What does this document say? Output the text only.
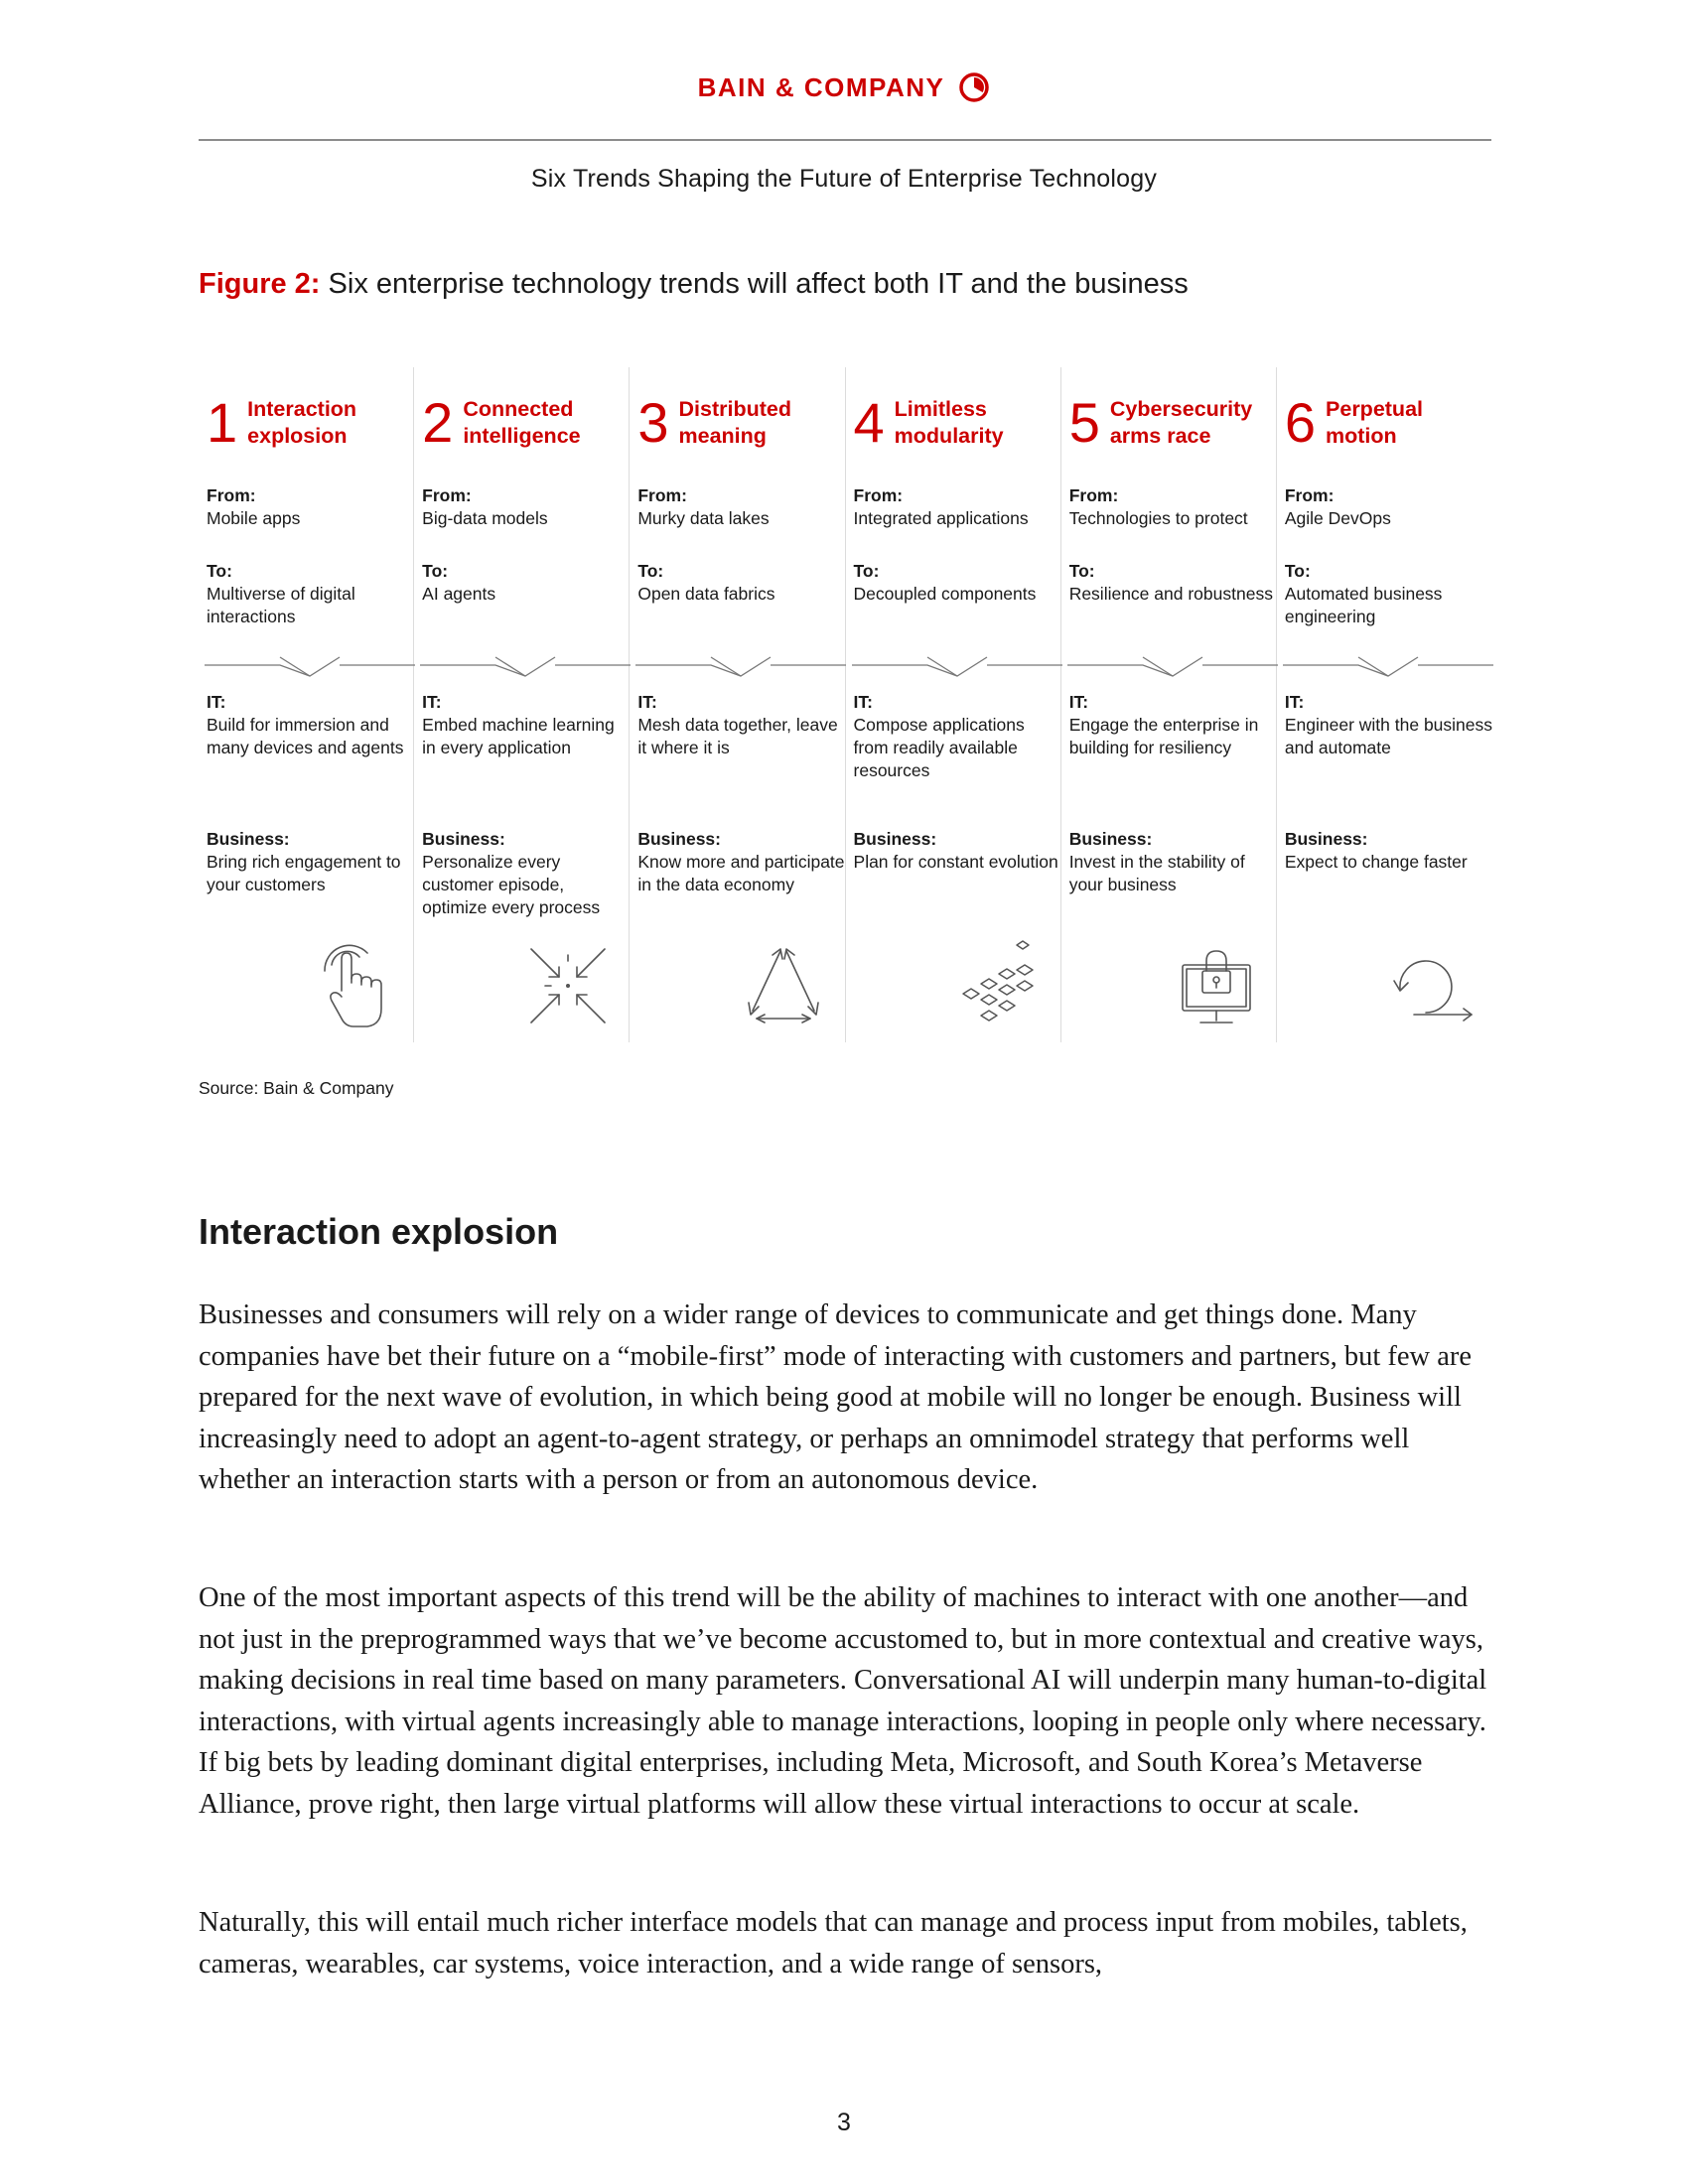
BAIN & COMPANY
Six Trends Shaping the Future of Enterprise Technology
Figure 2: Six enterprise technology trends will affect both IT and the business
1 Interaction explosion
From:
Mobile apps
To:
Multiverse of digital interactions
IT:
Build for immersion and many devices and agents
Business:
Bring rich engagement to your customers
2 Connected intelligence
From:
Big-data models
To:
AI agents
IT:
Embed machine learning in every application
Business:
Personalize every customer episode, optimize every process
3 Distributed meaning
From:
Murky data lakes
To:
Open data fabrics
IT:
Mesh data together, leave it where it is
Business:
Know more and participate in the data economy
4 Limitless modularity
From:
Integrated applications
To:
Decoupled components
IT:
Compose applications from readily available resources
Business:
Plan for constant evolution
5 Cybersecurity arms race
From:
Technologies to protect
To:
Resilience and robustness
IT:
Engage the enterprise in building for resiliency
Business:
Invest in the stability of your business
6 Perpetual motion
From:
Agile DevOps
To:
Automated business engineering
IT:
Engineer with the business and automate
Business:
Expect to change faster
Source: Bain & Company
Interaction explosion

Businesses and consumers will rely on a wider range of devices to communicate and get things done. Many companies have bet their future on a “mobile-first” mode of interacting with customers and partners, but few are prepared for the next wave of evolution, in which being good at mobile will no longer be enough. Business will increasingly need to adopt an agent-to-agent strategy, or perhaps an omnimodel strategy that performs well whether an interaction starts with a person or from an autonomous device.

One of the most important aspects of this trend will be the ability of machines to interact with one another—and not just in the preprogrammed ways that we’ve become accustomed to, but in more contextual and creative ways, making decisions in real time based on many parameters. Conversational AI will underpin many human-to-digital interactions, with virtual agents increasingly able to manage interactions, looping in people only where necessary. If big bets by leading dominant digital enterprises, including Meta, Microsoft, and South Korea’s Metaverse Alliance, prove right, then large virtual platforms will allow these virtual interactions to occur at scale.

Naturally, this will entail much richer interface models that can manage and process input from mobiles, tablets, cameras, wearables, car systems, voice interaction, and a wide range of sensors,

3
